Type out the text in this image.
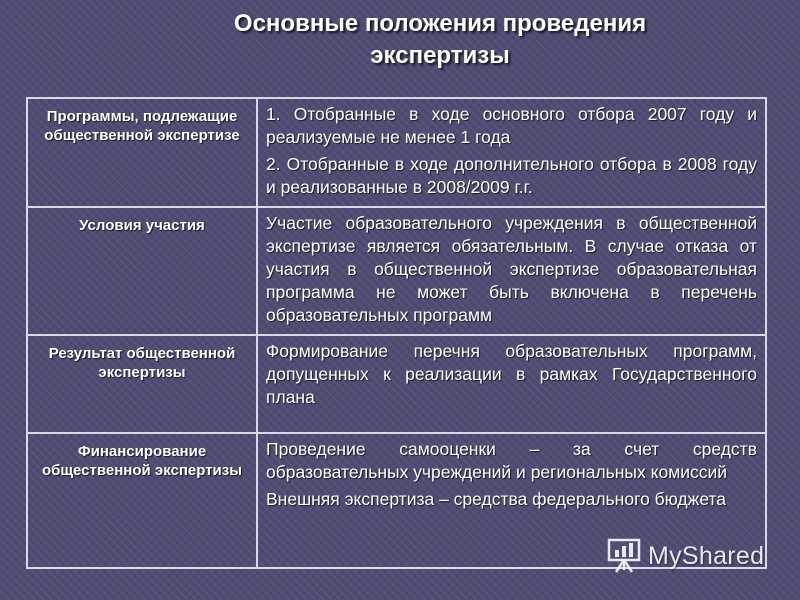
Основные положения проведения
экспертизы
Программы, подлежащие общественной экспертизе	1. Отобранные в ходе основного отбора 2007 году и реализуемые не менее 1 года

2. Отобранные в ходе дополнительного отбора в 2008 году и реализованные в 2008/2009 г.г.

Условия участия	Участие образовательного учреждения в общественной экспертизе является обязательным. В случае отказа от участия в общественной экспертизе образовательная программа не может быть включена в перечень образовательных программ

Результат общественной экспертизы	Формирование перечня образовательных программ, допущенных к реализации в рамках Государственного плана

Финансирование общественной экспертизы	Проведение самооценки – за счет средств образовательных учреждений и региональных комиссий

Внешняя экспертиза – средства федерального бюджета

MyShared
